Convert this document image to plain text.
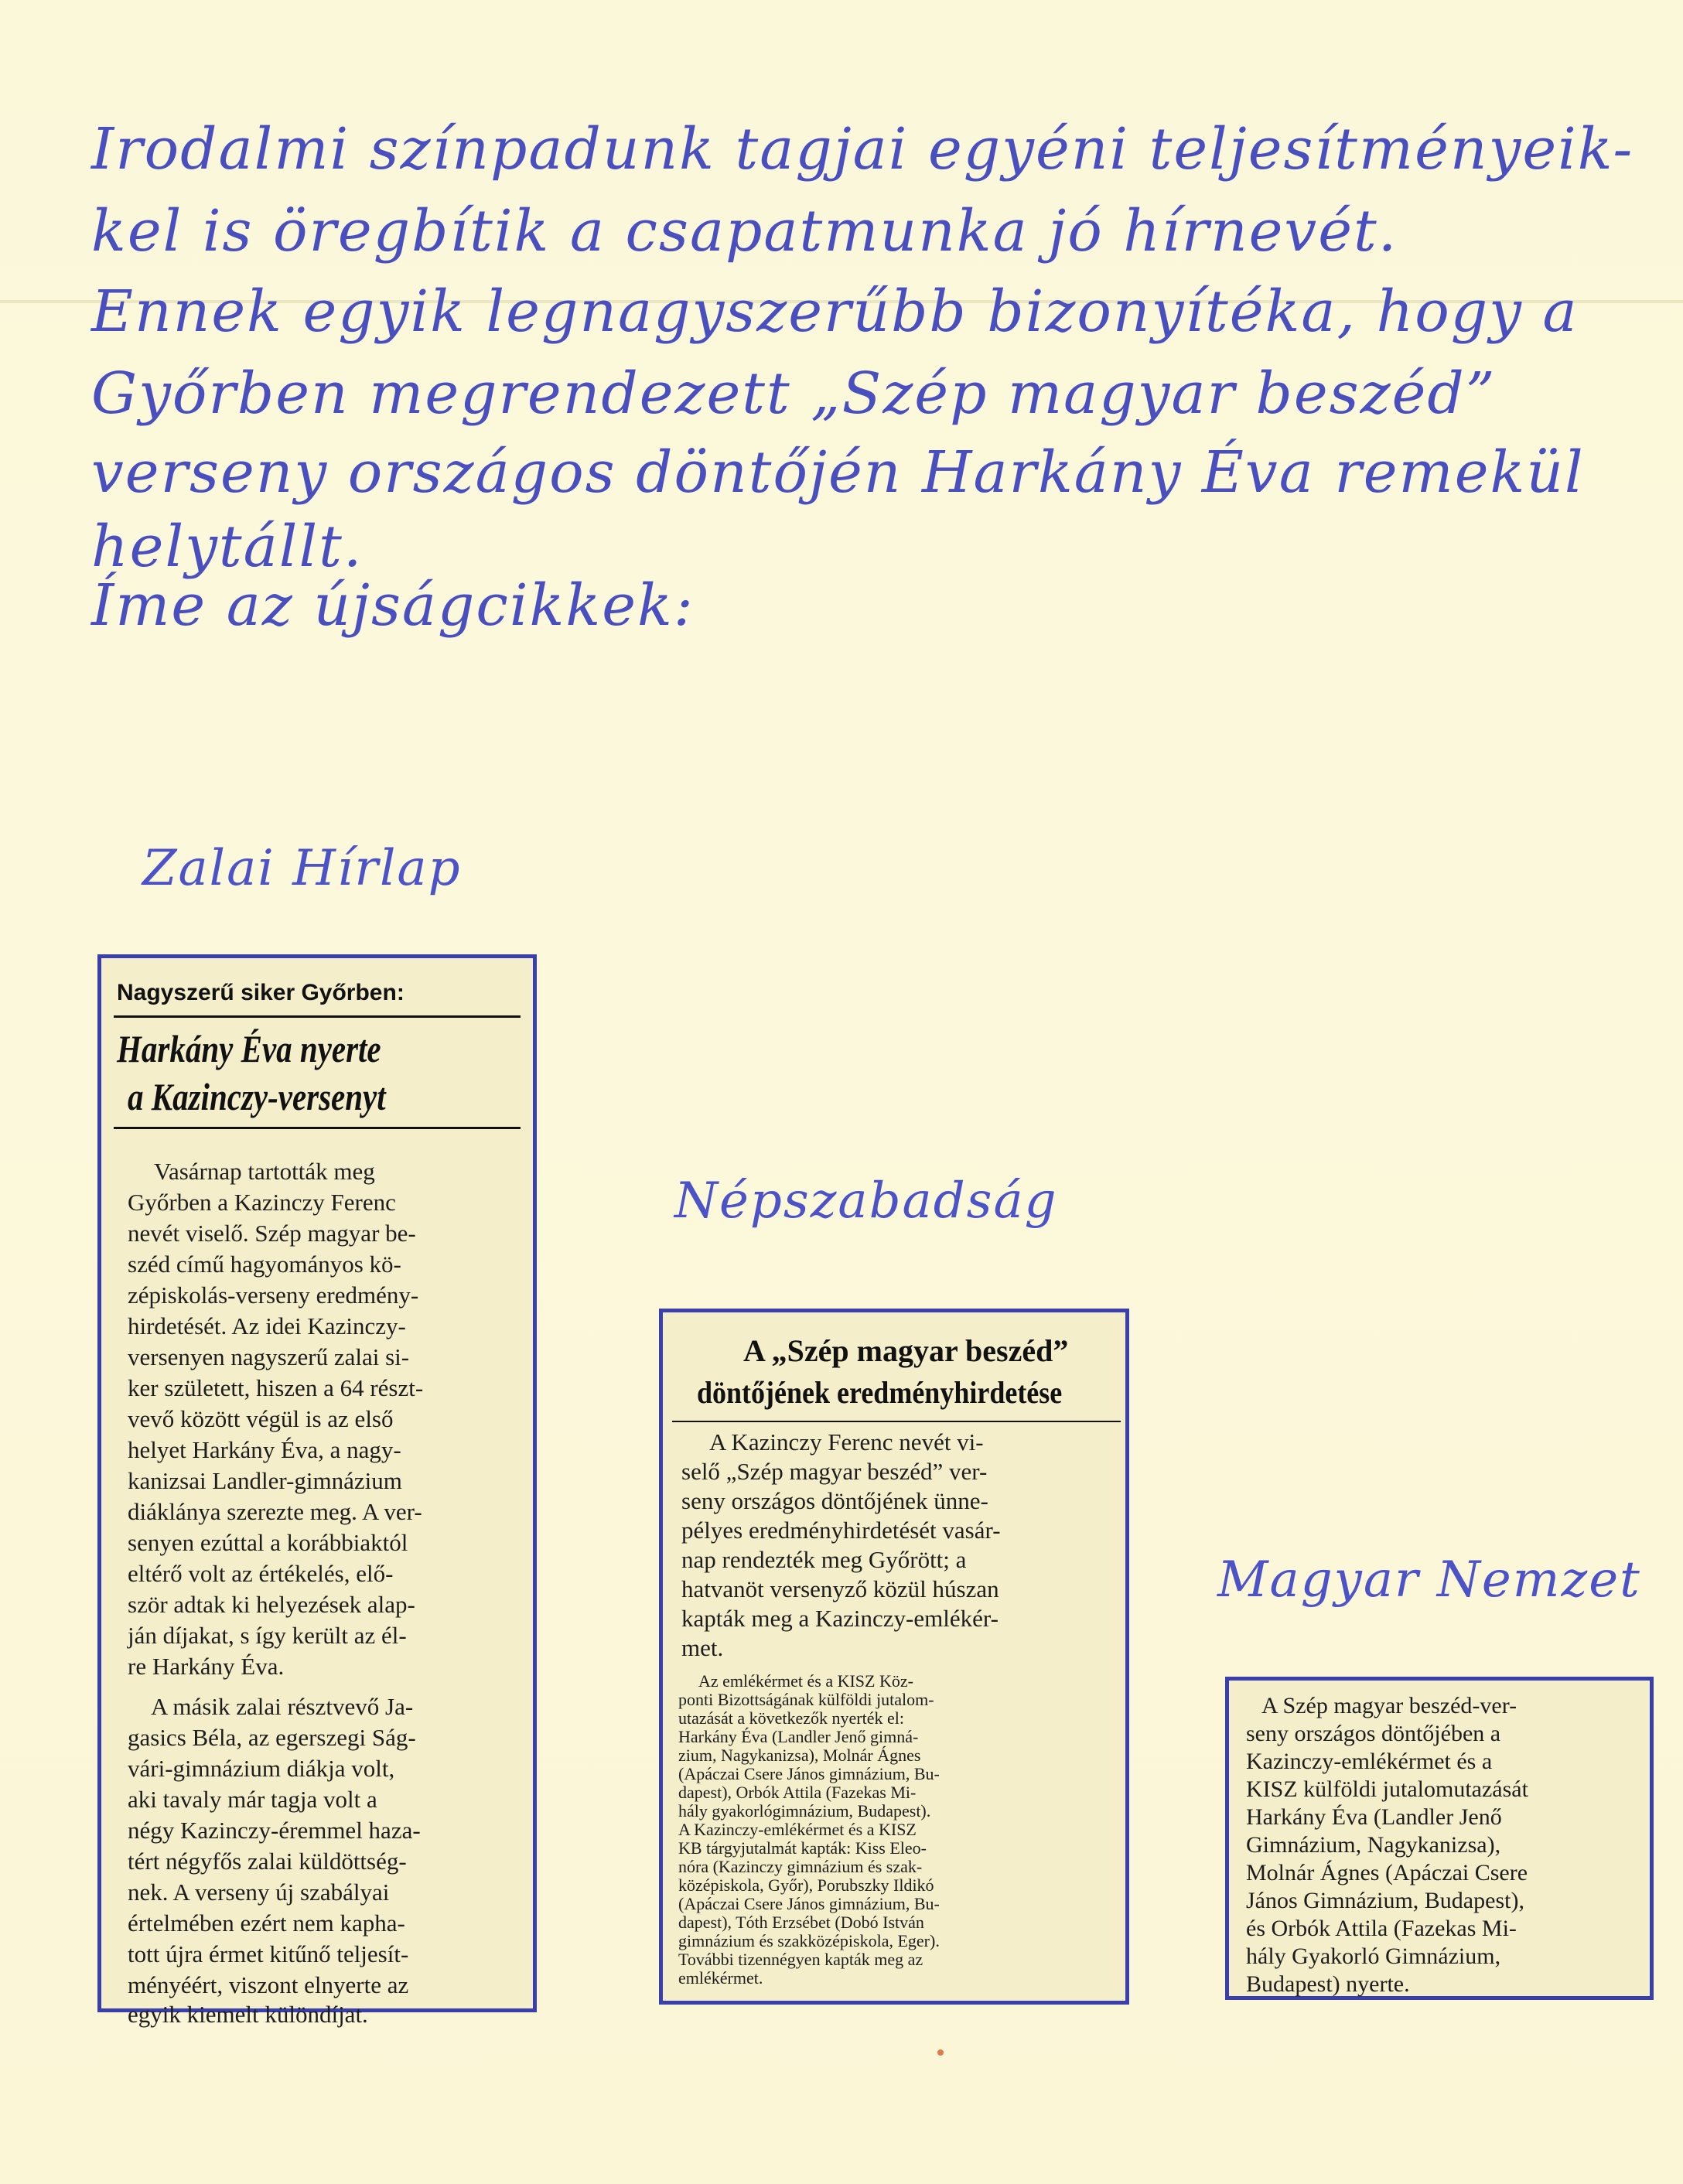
Irodalmi színpadunk tagjai egyéni teljesítményeik-
kel is öregbítik a csapatmunka jó hírnevét.
Ennek egyik legnagyszerűbb bizonyítéka, hogy a
Győrben megrendezett „Szép magyar beszéd”
verseny országos döntőjén Harkány Éva remekül
helytállt.
Íme az újságcikkek:
Zalai Hírlap
Népszabadság
Magyar Nemzet
Nagyszerű siker Győrben:
Harkány Éva nyerte
a Kazinczy-versenyt
Vasárnap tartották meg
Győrben a Kazinczy Ferenc
nevét viselő. Szép magyar be-
széd című hagyományos kö-
zépiskolás-verseny eredmény-
hirdetését. Az idei Kazinczy-
versenyen nagyszerű zalai si-
ker született, hiszen a 64 részt-
vevő között végül is az első
helyet Harkány Éva, a nagy-
kanizsai Landler-gimnázium
diáklánya szerezte meg. A ver-
senyen ezúttal a korábbiaktól
eltérő volt az értékelés, elő-
ször adtak ki helyezések alap-
ján díjakat, s így került az él-
re Harkány Éva.
A másik zalai résztvevő Ja-
gasics Béla, az egerszegi Ság-
vári-gimnázium diákja volt,
aki tavaly már tagja volt a
négy Kazinczy-éremmel haza-
tért négyfős zalai küldöttség-
nek. A verseny új szabályai
értelmében ezért nem kapha-
tott újra érmet kitűnő teljesít-
ményéért, viszont elnyerte az
egyik kiemelt különdíjat.
A „Szép magyar beszéd”
döntőjének eredményhirdetése
A Kazinczy Ferenc nevét vi-
selő „Szép magyar beszéd” ver-
seny országos döntőjének ünne-
pélyes eredményhirdetését vasár-
nap rendezték meg Győrött; a
hatvanöt versenyző közül húszan
kapták meg a Kazinczy-emlékér-
met.
Az emlékérmet és a KISZ Köz-
ponti Bizottságának külföldi jutalom-
utazását a következők nyerték el:
Harkány Éva (Landler Jenő gimná-
zium, Nagykanizsa), Molnár Ágnes
(Apáczai Csere János gimnázium, Bu-
dapest), Orbók Attila (Fazekas Mi-
hály gyakorlógimnázium, Budapest).
A Kazinczy-emlékérmet és a KISZ
KB tárgyjutalmát kapták: Kiss Eleo-
nóra (Kazinczy gimnázium és szak-
középiskola, Győr), Porubszky Ildikó
(Apáczai Csere János gimnázium, Bu-
dapest), Tóth Erzsébet (Dobó István
gimnázium és szakközépiskola, Eger).
További tizennégyen kapták meg az
emlékérmet.
A Szép magyar beszéd-ver-
seny országos döntőjében a
Kazinczy-emlékérmet és a
KISZ külföldi jutalomutazását
Harkány Éva (Landler Jenő
Gimnázium, Nagykanizsa),
Molnár Ágnes (Apáczai Csere
János Gimnázium, Budapest),
és Orbók Attila (Fazekas Mi-
hály Gyakorló Gimnázium,
Budapest) nyerte.
